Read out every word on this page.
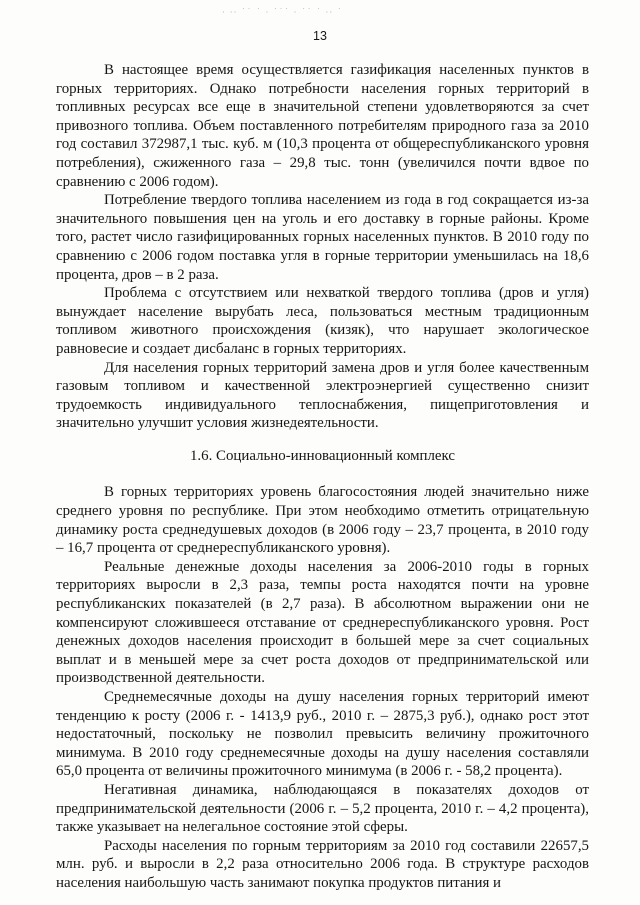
· ·· ˙˙ ˙ · ˙˙˙ · ˙˙ ˙ ·· ˙
13

В настоящее время осуществляется газификация населенных пунктов в горных территориях. Однако потребности населения горных территорий в топливных ресурсах все еще в значительной степени удовлетворяются за счет привозного топлива. Объем поставленного потребителям природного газа за 2010 год составил 372987,1 тыс. куб. м (10,3 процента от общереспубликанского уровня потребления), сжиженного газа – 29,8 тыс. тонн (увеличился почти вдвое по сравнению с 2006 годом).

Потребление твердого топлива населением из года в год сокращается из-за значительного повышения цен на уголь и его доставку в горные районы. Кроме того, растет число газифицированных горных населенных пунктов. В 2010 году по сравнению с 2006 годом поставка угля в горные территории уменьшилась на 18,6 процента, дров – в 2 раза.

Проблема с отсутствием или нехваткой твердого топлива (дров и угля) вынуждает население вырубать леса, пользоваться местным традиционным топливом животного происхождения (кизяк), что нарушает экологическое равновесие и создает дисбаланс в горных территориях.

Для населения горных территорий замена дров и угля более качественным газовым топливом и качественной электроэнергией существенно снизит трудоемкость индивидуального теплоснабжения, пищеприготовления и значительно улучшит условия жизнедеятельности.

1.6. Социально-инновационный комплекс

В горных территориях уровень благосостояния людей значительно ниже среднего уровня по республике. При этом необходимо отметить отрицательную динамику роста среднедушевых доходов (в 2006 году – 23,7 процента, в 2010 году – 16,7 процента от среднереспубликанского уровня).

Реальные денежные доходы населения за 2006-2010 годы в горных территориях выросли в 2,3 раза, темпы роста находятся почти на уровне республиканских показателей (в 2,7 раза). В абсолютном выражении они не компенсируют сложившееся отставание от среднереспубликанского уровня. Рост денежных доходов населения происходит в большей мере за счет социальных выплат и в меньшей мере за счет роста доходов от предпринимательской или производственной деятельности.

Среднемесячные доходы на душу населения горных территорий имеют тенденцию к росту (2006 г. - 1413,9 руб., 2010 г. – 2875,3 руб.), однако рост этот недостаточный, поскольку не позволил превысить величину прожиточного минимума. В 2010 году среднемесячные доходы на душу населения составляли 65,0 процента от величины прожиточного минимума (в 2006 г. - 58,2 процента).

Негативная динамика, наблюдающаяся в показателях доходов от предпринимательской деятельности (2006 г. – 5,2 процента, 2010 г. – 4,2 процента), также указывает на нелегальное состояние этой сферы.

Расходы населения по горным территориям за 2010 год составили 22657,5 млн. руб. и выросли в 2,2 раза относительно 2006 года. В структуре расходов населения наибольшую часть занимают покупка продуктов питания и
